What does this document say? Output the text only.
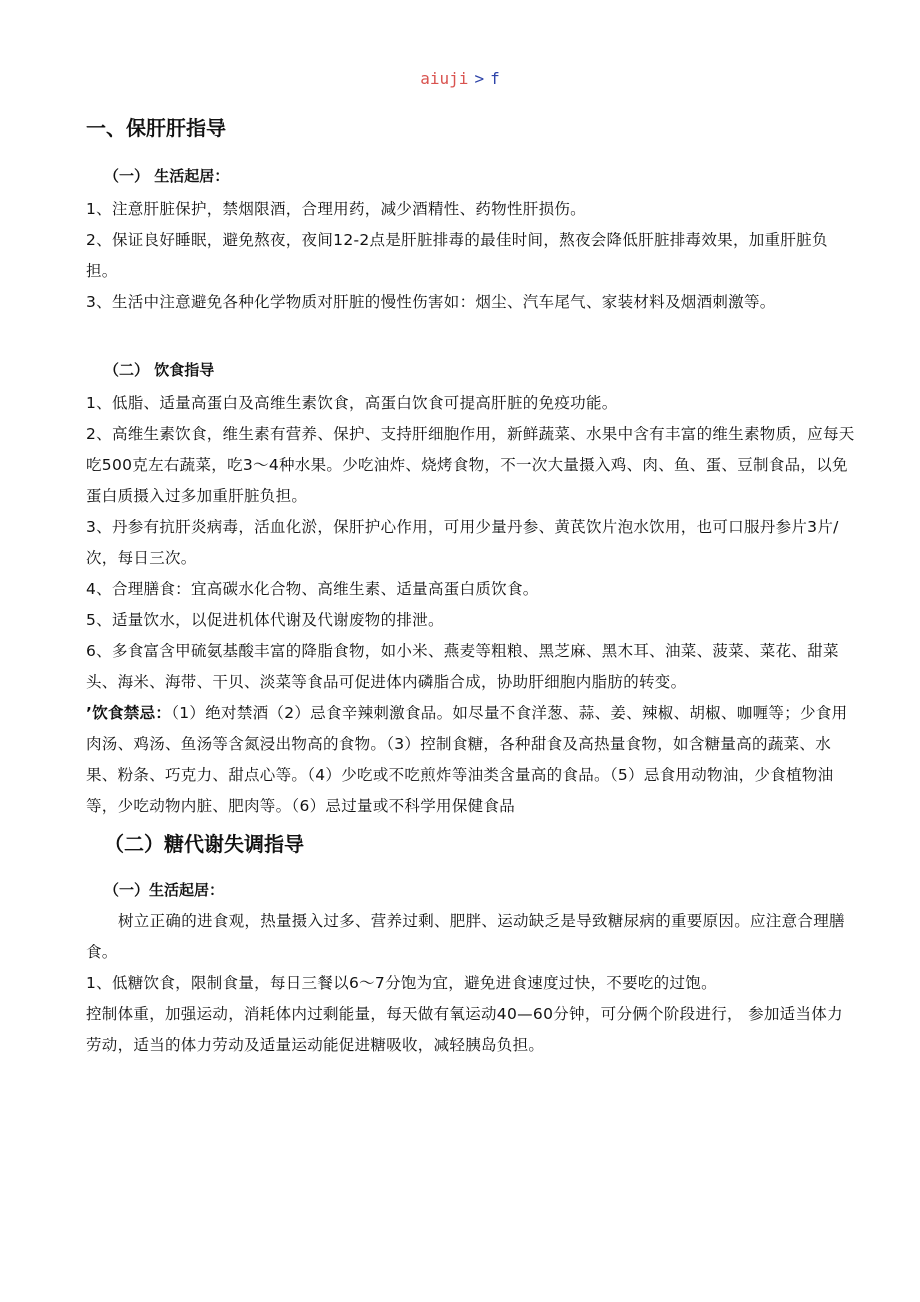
aiuji > f
一、保肝肝指导
（一） 生活起居：

1、注意肝脏保护，禁烟限酒，合理用药，减少酒精性、药物性肝损伤。

2、保证良好睡眠，避免熬夜，夜间12-2点是肝脏排毒的最佳时间，熬夜会降低肝脏排毒效果，加重肝脏负担。

3、生活中注意避免各种化学物质对肝脏的慢性伤害如：烟尘、汽车尾气、家装材料及烟酒刺激等。

（二） 饮食指导

1、低脂、适量高蛋白及高维生素饮食，高蛋白饮食可提高肝脏的免疫功能。

2、高维生素饮食，维生素有营养、保护、支持肝细胞作用，新鲜蔬菜、水果中含有丰富的维生素物质，应每天吃500克左右蔬菜，吃3〜4种水果。少吃油炸、烧烤食物，不一次大量摄入鸡、肉、鱼、蛋、豆制食品，以免蛋白质摄入过多加重肝脏负担。

3、丹参有抗肝炎病毒，活血化淤，保肝护心作用，可用少量丹参、黄芪饮片泡水饮用，也可口服丹参片3片/次，每日三次。

4、合理膳食：宜高碳水化合物、高维生素、适量高蛋白质饮食。

5、适量饮水，以促进机体代谢及代谢废物的排泄。

6、多食富含甲硫氨基酸丰富的降脂食物，如小米、燕麦等粗粮、黑芝麻、黑木耳、油菜、菠菜、菜花、甜菜头、海米、海带、干贝、淡菜等食品可促进体内磷脂合成，协助肝细胞内脂肪的转变。

’饮食禁忌：（1）绝对禁酒（2）忌食辛辣刺激食品。如尽量不食洋葱、蒜、姜、辣椒、胡椒、咖喱等；少食用肉汤、鸡汤、鱼汤等含氮浸出物高的食物。（3）控制食糖，各种甜食及高热量食物，如含糖量高的蔬菜、水果、粉条、巧克力、甜点心等。（4）少吃或不吃煎炸等油类含量高的食品。（5）忌食用动物油，少食植物油等，少吃动物内脏、肥肉等。（6）忌过量或不科学用保健食品

（二）糖代谢失调指导
（一）生活起居：

树立正确的进食观，热量摄入过多、营养过剩、肥胖、运动缺乏是导致糖尿病的重要原因。应注意合理膳食。

1、低糖饮食，限制食量，每日三餐以6〜7分饱为宜，避免进食速度过快，不要吃的过饱。

控制体重，加强运动，消耗体内过剩能量，每天做有氧运动40—60分钟，可分俩个阶段进行， 参加适当体力劳动，适当的体力劳动及适量运动能促进糖吸收，减轻胰岛负担。
